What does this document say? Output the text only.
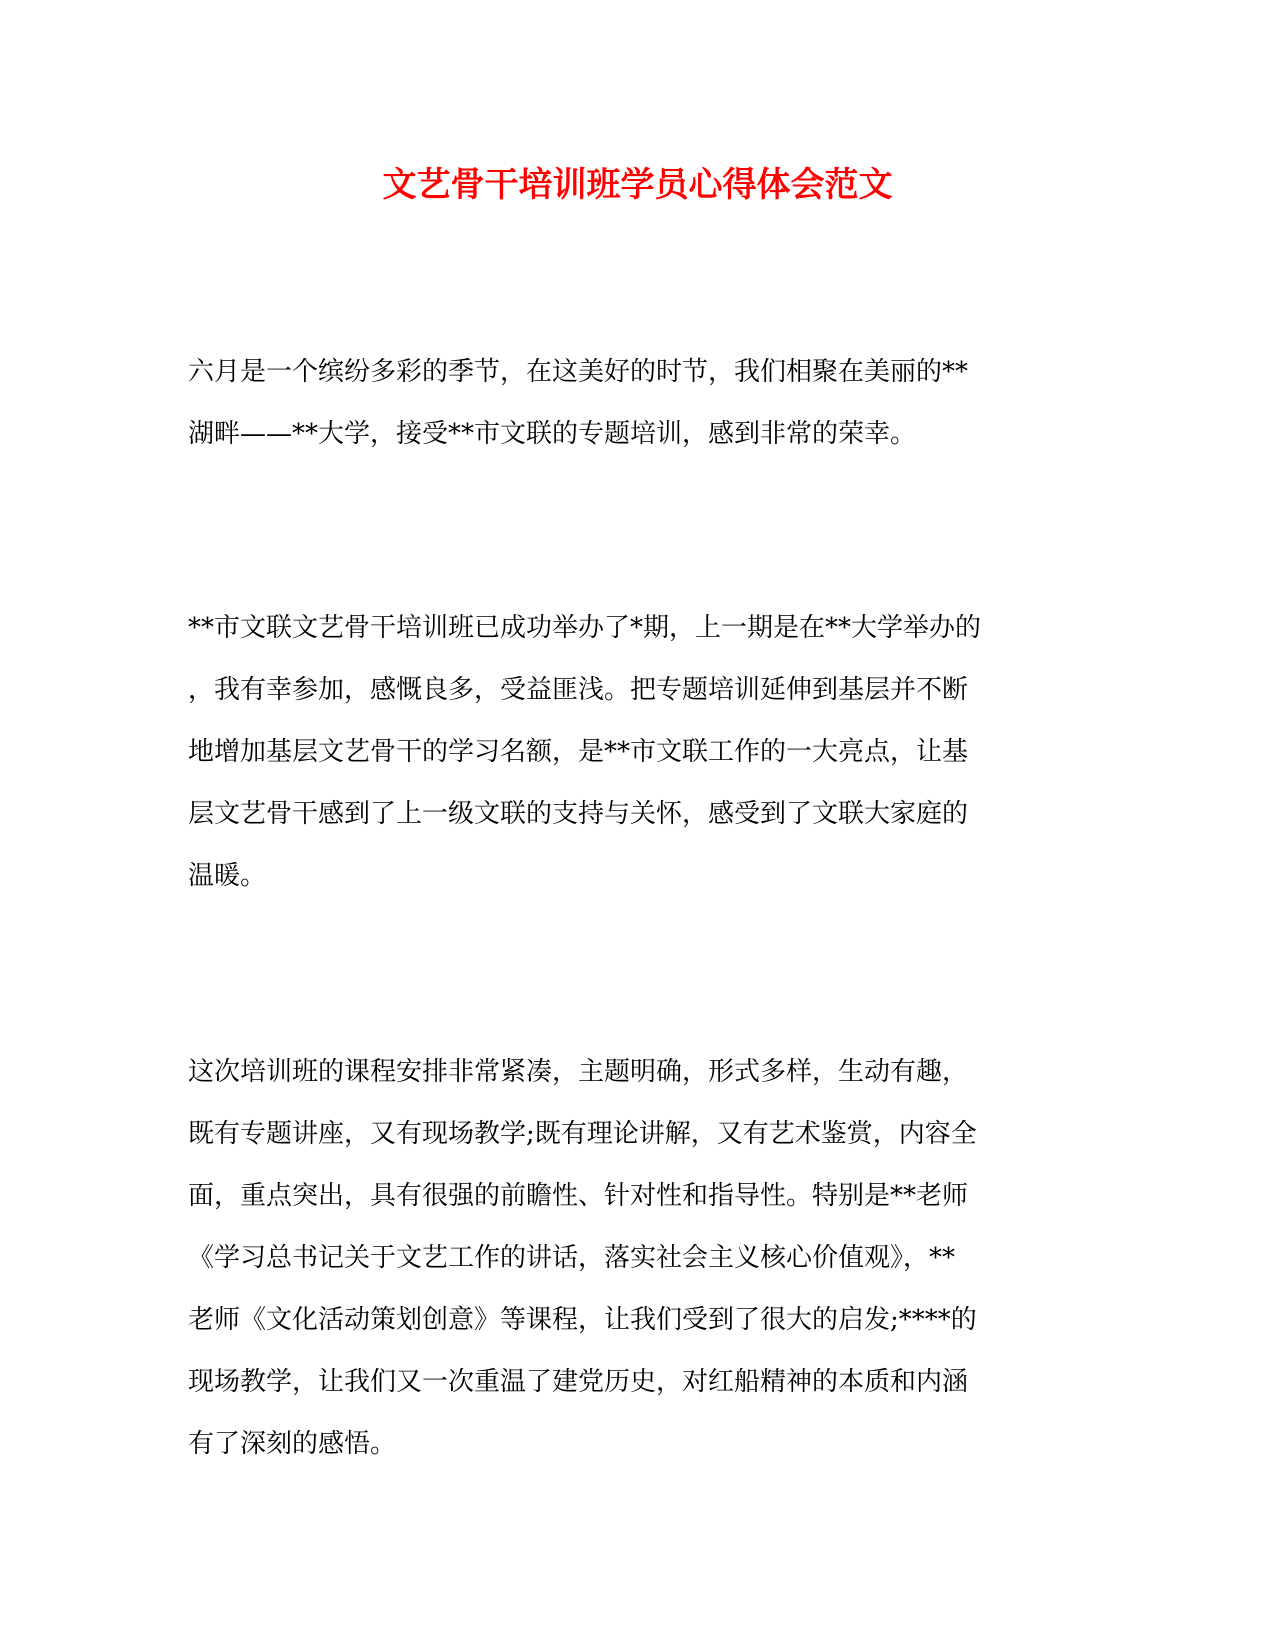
文艺骨干培训班学员心得体会范文
六月是一个缤纷多彩的季节，在这美好的时节，我们相聚在美丽的**
湖畔——**大学，接受**市文联的专题培训，感到非常的荣幸。
**市文联文艺骨干培训班已成功举办了*期，上一期是在**大学举办的
，我有幸参加，感慨良多，受益匪浅。把专题培训延伸到基层并不断
地增加基层文艺骨干的学习名额，是**市文联工作的一大亮点，让基
层文艺骨干感到了上一级文联的支持与关怀，感受到了文联大家庭的
温暖。
这次培训班的课程安排非常紧凑，主题明确，形式多样，生动有趣，
既有专题讲座，又有现场教学;既有理论讲解，又有艺术鉴赏，内容全
面，重点突出，具有很强的前瞻性、针对性和指导性。特别是**老师
《学习总书记关于文艺工作的讲话，落实社会主义核心价值观》，**
老师《文化活动策划创意》等课程，让我们受到了很大的启发;****的
现场教学，让我们又一次重温了建党历史，对红船精神的本质和内涵
有了深刻的感悟。
